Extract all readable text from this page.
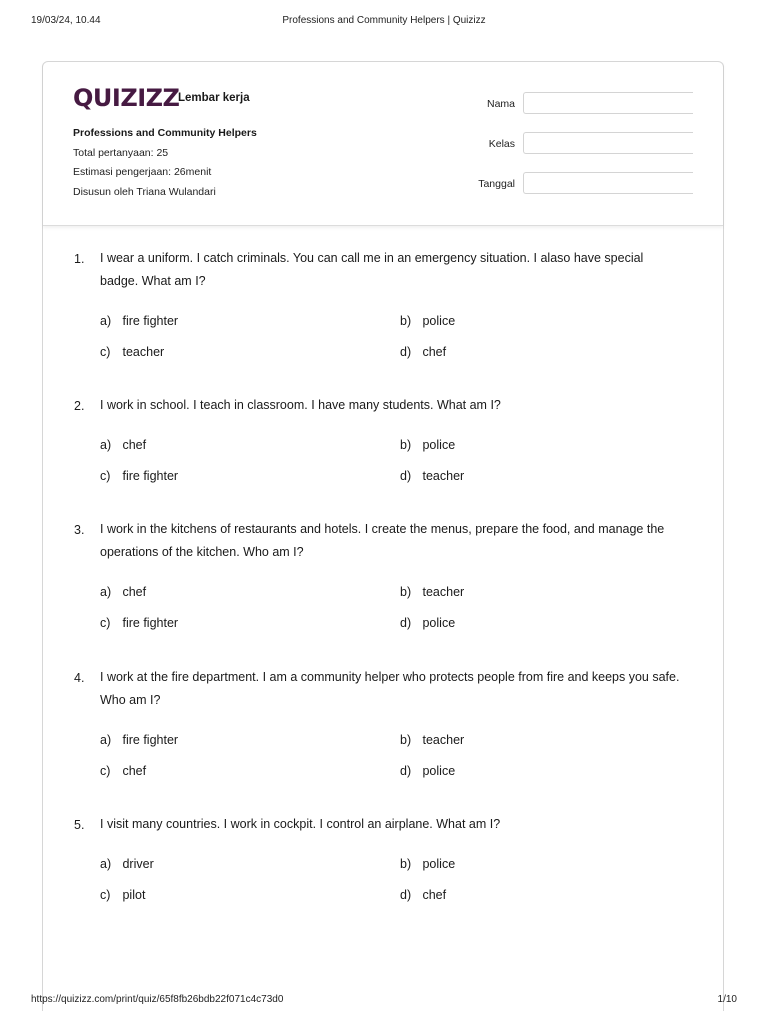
19/03/24, 10.44	Professions and Community Helpers | Quizizz
QUIZIZZ
Lembar kerja
Professions and Community Helpers
Total pertanyaan: 25
Estimasi pengerjaan: 26menit
Disusun oleh Triana Wulandari
Nama
Kelas
Tanggal
1. I wear a uniform. I catch criminals. You can call me in an emergency situation. I alaso have special badge. What am I?
a) fire fighter	b) police
c) teacher	d) chef
2. I work in school. I teach in classroom. I have many students. What am I?
a) chef	b) police
c) fire fighter	d) teacher
3. I work in the kitchens of restaurants and hotels. I create the menus, prepare the food, and manage the operations of the kitchen. Who am I?
a) chef	b) teacher
c) fire fighter	d) police
4. I work at the fire department. I am a community helper who protects people from fire and keeps you safe. Who am I?
a) fire fighter	b) teacher
c) chef	d) police
5. I visit many countries. I work in cockpit. I control an airplane. What am I?
a) driver	b) police
c) pilot	d) chef
https://quizizz.com/print/quiz/65f8fb26bdb22f071c4c73d0	1/10
